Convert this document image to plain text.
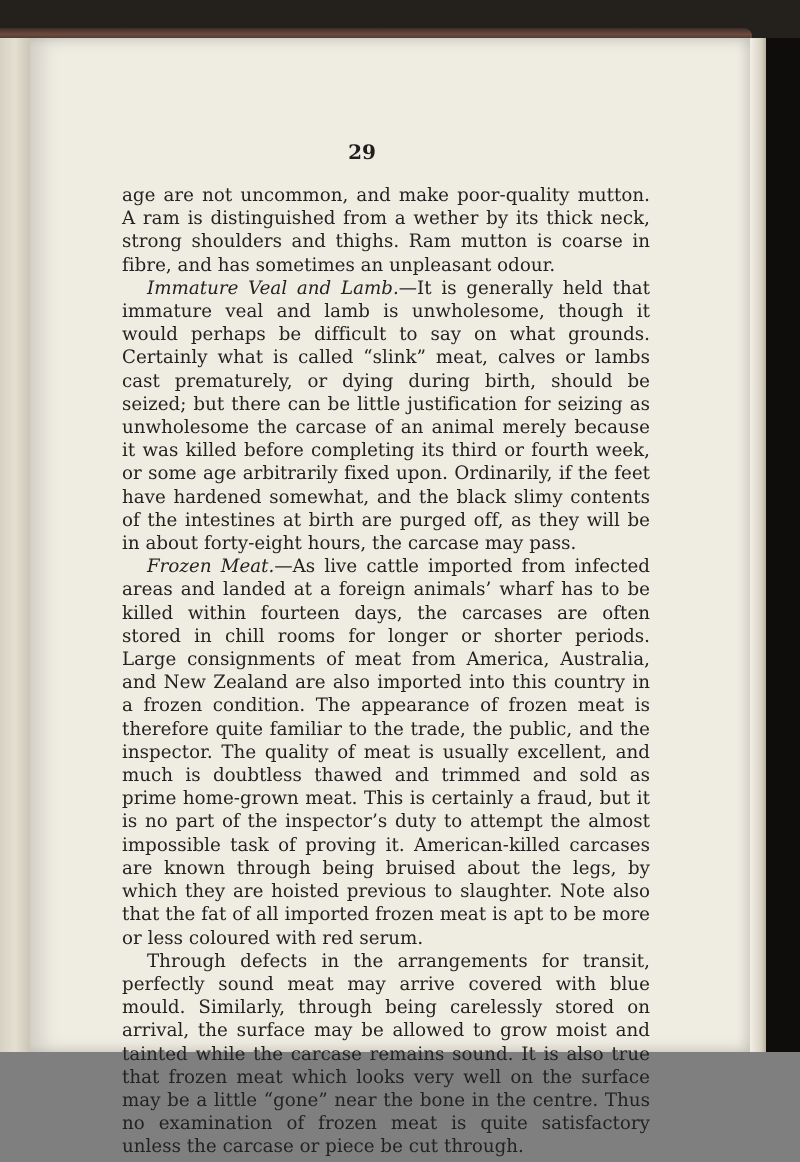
29

age are not uncommon, and make poor-quality mutton. A ram is distinguished from a wether by its thick neck, strong shoulders and thighs. Ram mutton is coarse in fibre, and has sometimes an unpleasant odour.

Immature Veal and Lamb.—It is generally held that immature veal and lamb is unwholesome, though it would perhaps be difficult to say on what grounds. Certainly what is called “slink” meat, calves or lambs cast prematurely, or dying during birth, should be seized; but there can be little justification for seizing as unwholesome the carcase of an animal merely because it was killed before completing its third or fourth week, or some age arbitrarily fixed upon. Ordinarily, if the feet have hardened somewhat, and the black slimy contents of the intestines at birth are purged off, as they will be in about forty-eight hours, the carcase may pass.

Frozen Meat.—As live cattle imported from infected areas and landed at a foreign animals’ wharf has to be killed within fourteen days, the carcases are often stored in chill rooms for longer or shorter periods. Large consignments of meat from America, Australia, and New Zealand are also imported into this country in a frozen condition. The appearance of frozen meat is therefore quite familiar to the trade, the public, and the inspector. The quality of meat is usually excellent, and much is doubtless thawed and trimmed and sold as prime home-grown meat. This is certainly a fraud, but it is no part of the inspector’s duty to attempt the almost impossible task of proving it. American-killed carcases are known through being bruised about the legs, by which they are hoisted previous to slaughter. Note also that the fat of all imported frozen meat is apt to be more or less coloured with red serum.

Through defects in the arrangements for transit, perfectly sound meat may arrive covered with blue mould. Similarly, through being carelessly stored on arrival, the surface may be allowed to grow moist and tainted while the carcase remains sound. It is also true that frozen meat which looks very well on the surface may be a little “gone” near the bone in the centre. Thus no examination of frozen meat is quite satisfactory unless the carcase or piece be cut through.
